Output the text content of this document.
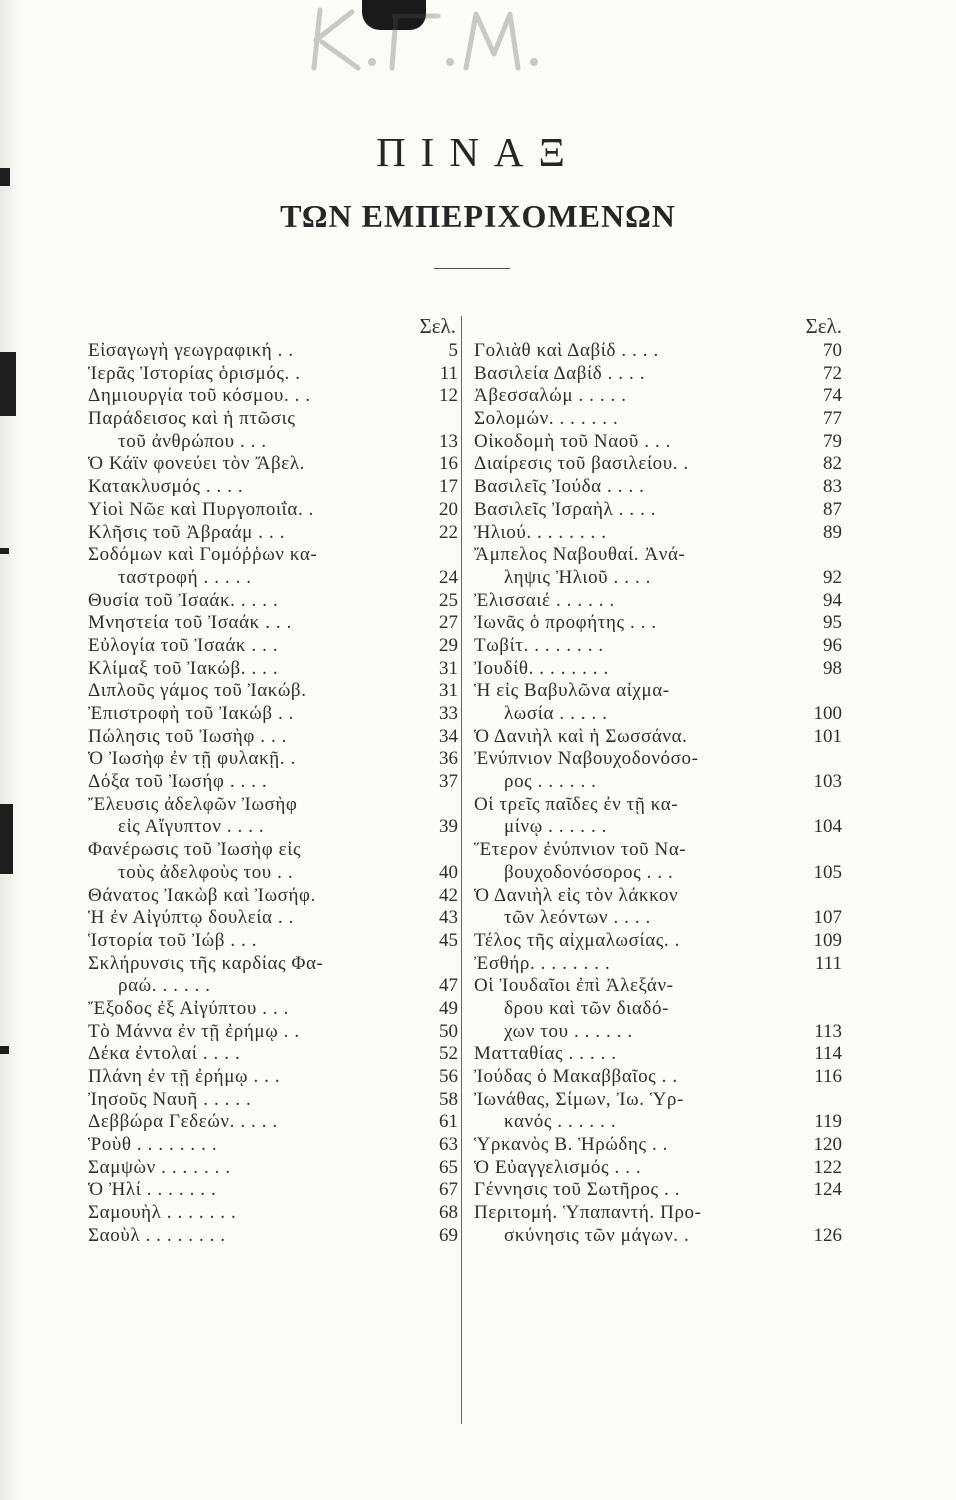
ΠΙΝΑΞ
ΤΩΝ ΕΜΠΕΡΙΧΟΜΕΝΩΝ
Σελ.
Εἰσαγωγὴ γεωγραφική . .	5
Ἱερᾶς Ἱστορίας ὁρισμός. .	11
Δημιουργία τοῦ κόσμου. . .	12
Παράδεισος καὶ ἡ πτῶσις
τοῦ ἀνθρώπου . . .	13
Ὁ Κάϊν φονεύει τὸν Ἄβελ.	16
Κατακλυσμός . . . .	17
Υἱοὶ Νῶε καὶ Πυργοποιΐα. .	20
Κλῆσις τοῦ Ἀβραάμ . . .	22
Σοδόμων καὶ Γομόῤῥων κα-
ταστροφή . . . . .	24
Θυσία τοῦ Ἰσαάκ. . . . .	25
Μνηστεία τοῦ Ἰσαάκ . . .	27
Εὐλογία τοῦ Ἰσαάκ . . .	29
Κλίμαξ τοῦ Ἰακώβ. . . .	31
Διπλοῦς γάμος τοῦ Ἰακώβ.	31
Ἐπιστροφὴ τοῦ Ἰακώβ . .	33
Πώλησις τοῦ Ἰωσὴφ . . .	34
Ὁ Ἰωσὴφ ἐν τῇ φυλακῇ. .	36
Δόξα τοῦ Ἰωσήφ . . . .	37
Ἔλευσις ἀδελφῶν Ἰωσὴφ
εἰς Αἴγυπτον . . . .	39
Φανέρωσις τοῦ Ἰωσὴφ εἰς
τοὺς ἀδελφοὺς του . .	40
Θάνατος Ἰακὼβ καὶ Ἰωσήφ.	42
Ἡ ἐν Αἰγύπτῳ δουλεία . .	43
Ἱστορία τοῦ Ἰώβ . . .	45
Σκλήρυνσις τῆς καρδίας Φα-
ραώ. . . . . .	47
Ἔξοδος ἐξ Αἰγύπτου . . .	49
Τὸ Μάννα ἐν τῇ ἐρήμῳ . .	50
Δέκα ἐντολαί . . . .	52
Πλάνη ἐν τῇ ἐρήμῳ . . .	56
Ἰησοῦς Ναυῆ . . . . .	58
Δεββώρα Γεδεών. . . . .	61
Ῥοὺθ . . . . . . . .	63
Σαμψὼν . . . . . . .	65
Ὁ Ἠλί . . . . . . .	67
Σαμουὴλ . . . . . . .	68
Σαοὺλ . . . . . . . .	69
Σελ.
Γολιὰθ καὶ Δαβίδ . . . .	70
Βασιλεία Δαβίδ . . . .	72
Ἀβεσσαλώμ . . . . .	74
Σολομών. . . . . . .	77
Οἰκοδομὴ τοῦ Ναοῦ . . .	79
Διαίρεσις τοῦ βασιλείου. .	82
Βασιλεῖς Ἰούδα . . . .	83
Βασιλεῖς Ἰσραὴλ . . . .	87
Ἠλιού. . . . . . . .	89
Ἄμπελος Ναβουθαί. Ἀνά-
ληψις Ἠλιοῦ . . . .	92
Ἐλισσαιέ . . . . . .	94
Ἰωνᾶς ὁ προφήτης . . .	95
Τωβίτ. . . . . . . .	96
Ἰουδίθ. . . . . . . .	98
Ἡ εἰς Βαβυλῶνα αἰχμα-
λωσία . . . . .	100
Ὁ Δανιὴλ καὶ ἡ Σωσσάνα.	101
Ἐνύπνιον Ναβουχοδονόσο-
ρος . . . . . .	103
Οἱ τρεῖς παῖδες ἐν τῇ κα-
μίνῳ . . . . . .	104
Ἕτερον ἐνύπνιον τοῦ Να-
βουχοδονόσορος . . .	105
Ὁ Δανιὴλ εἰς τὸν λάκκον
τῶν λεόντων . . . .	107
Τέλος τῆς αἰχμαλωσίας. .	109
Ἐσθήρ. . . . . . . .	111
Οἱ Ἰουδαῖοι ἐπὶ Ἀλεξάν-
δρου καὶ τῶν διαδό-
χων του . . . . . .	113
Ματταθίας . . . . .	114
Ἰούδας ὁ Μακαββαῖος . .	116
Ἰωνάθας, Σίμων, Ἰω. Ὑρ-
κανός . . . . . .	119
Ὑρκανὸς Β. Ἡρώδης . .	120
Ὁ Εὐαγγελισμός . . .	122
Γέννησις τοῦ Σωτῆρος . .	124
Περιτομή. Ὑπαπαντή. Προ-
σκύνησις τῶν μάγων. .	126
